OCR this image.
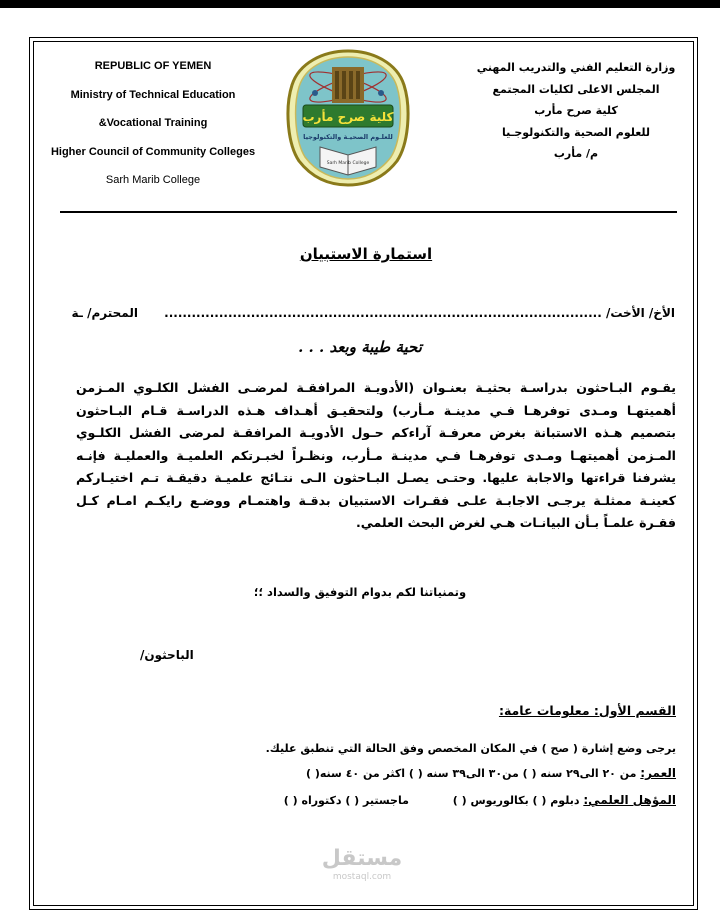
REPUBLIC OF YEMEN
Ministry of Technical Education
&Vocational Training
Higher Council of Community Colleges
Sarh Marib College
وزارة التعليم الفني والتدريب المهني
المجلس الاعلى لكليات المجتمع
كلية صرح مأرب
للعلوم الصحية والتكنولوجـيا
م/ مأرب
كلية صرح مأرب
للعلـوم الصحيـة والتكنولوجيا
Sarh Marib College
استمارة الاستبيان
الأخ/ الأخت/ ................................................................................................ المحترم/ ـة
تحية طيبة وبعد . . .

يقـوم البـاحثون بدراسـة بحثيـة بعنـوان (الأدويـة المرافقـة لمرضـى الفشل الكلـوي المـزمن أهميتهـا ومـدى توفرهـا فـي مدينـة مـأرب) ولتحقيـق أهـداف هـذه الدراسـة قـام البـاحثون بتصميم هـذه الاستبانة بغرض معرفـة آراءكم حـول الأدويـة المرافقـة لمرضى الفشل الكلـوي المـزمن أهميتهـا ومـدى توفرهـا فـي مدينـة مـأرب، ونظـراً لخبـرتكم العلميـة والعمليـة فإنـه يشرفنا قراءتها والاجابة عليها. وحتـى يصـل البـاحثون الـى نتـائج علميـة دقيقـة تـم اختيـاركم كعينـة ممثلـة يرجـى الاجابـة علـى فقـرات الاستبيان بدقـة واهتمـام ووضـع رايكـم امـام كـل فقـرة علمـاً بـأن البيانـات هـي لغرض البحث العلمي.

وتمنياتنا لكم بدوام التوفيق والسداد ؛؛
الباحثون/
القسم الأول: معلومات عامة:
يرجى وضع إشارة ( صح ) في المكان المخصص وفق الحالة التي تنطبق عليك.
العمر: من ٢٠ الى٢٩ سنه ( ) من٣٠ الى٣٩ سنه ( ) اكثر من ٤٠ سنه( )
المؤهل العلمي: دبلوم ( ) بكالوريوس ( ) ماجستير ( ) دكتوراه ( )
مستقل
mostaql.com
